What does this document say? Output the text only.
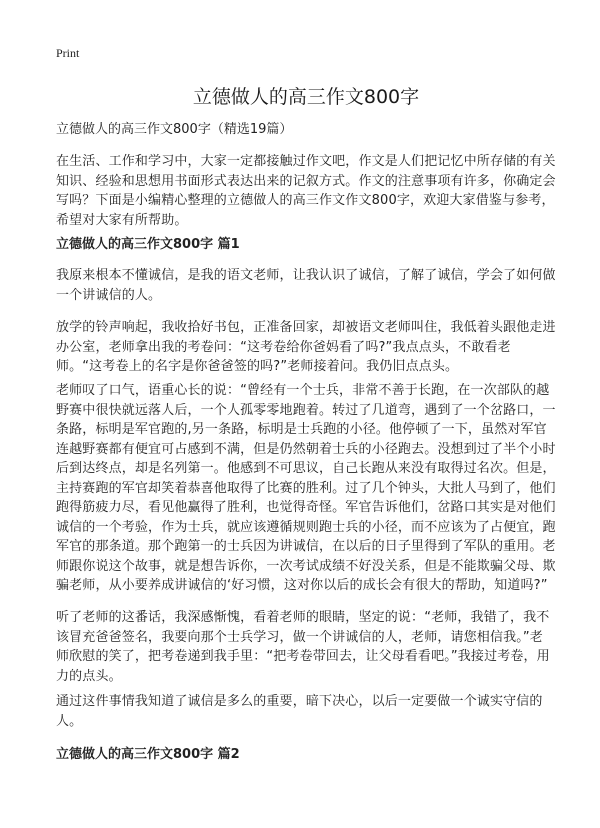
Print
立德做人的高三作文800字
立德做人的高三作文800字（精选19篇）

在生活、工作和学习中，大家一定都接触过作文吧，作文是人们把记忆中所存储的有关知识、经验和思想用书面形式表达出来的记叙方式。作文的注意事项有许多，你确定会写吗？下面是小编精心整理的立德做人的高三作文作文800字，欢迎大家借鉴与参考，希望对大家有所帮助。

立德做人的高三作文800字 篇1

我原来根本不懂诚信，是我的语文老师，让我认识了诚信，了解了诚信，学会了如何做一个讲诚信的人。

放学的铃声响起，我收拾好书包，正准备回家，却被语文老师叫住，我低着头跟他走进办公室，老师拿出我的考卷问：“这考卷给你爸妈看了吗?”我点点头，不敢看老师。“这考卷上的名字是你爸爸签的吗?”老师接着问。我仍旧点点头。

老师叹了口气，语重心长的说：“曾经有一个士兵，非常不善于长跑，在一次部队的越野赛中很快就远落人后，一个人孤零零地跑着。转过了几道弯，遇到了一个岔路口，一条路，标明是军官跑的,另一条路，标明是士兵跑的小径。他停顿了一下，虽然对军官连越野赛都有便宜可占感到不满，但是仍然朝着士兵的小径跑去。没想到过了半个小时后到达终点，却是名列第一。他感到不可思议，自己长跑从来没有取得过名次。但是，主持赛跑的军官却笑着恭喜他取得了比赛的胜利。过了几个钟头，大批人马到了，他们跑得筋疲力尽，看见他赢得了胜利，也觉得奇怪。军官告诉他们，岔路口其实是对他们诚信的一个考验，作为士兵，就应该遵循规则跑士兵的小径，而不应该为了占便宜，跑军官的那条道。那个跑第一的士兵因为讲诚信，在以后的日子里得到了军队的重用。老师跟你说这个故事，就是想告诉你，一次考试成绩不好没关系，但是不能欺骗父母、欺骗老师，从小要养成讲诚信的‘好习惯，这对你以后的成长会有很大的帮助，知道吗?”

听了老师的这番话，我深感惭愧，看着老师的眼睛，坚定的说：“老师，我错了，我不该冒充爸爸签名，我要向那个士兵学习，做一个讲诚信的人，老师，请您相信我。”老师欣慰的笑了，把考卷递到我手里：“把考卷带回去，让父母看看吧。”我接过考卷，用力的点头。

通过这件事情我知道了诚信是多么的重要，暗下决心，以后一定要做一个诚实守信的人。

立德做人的高三作文800字 篇2
